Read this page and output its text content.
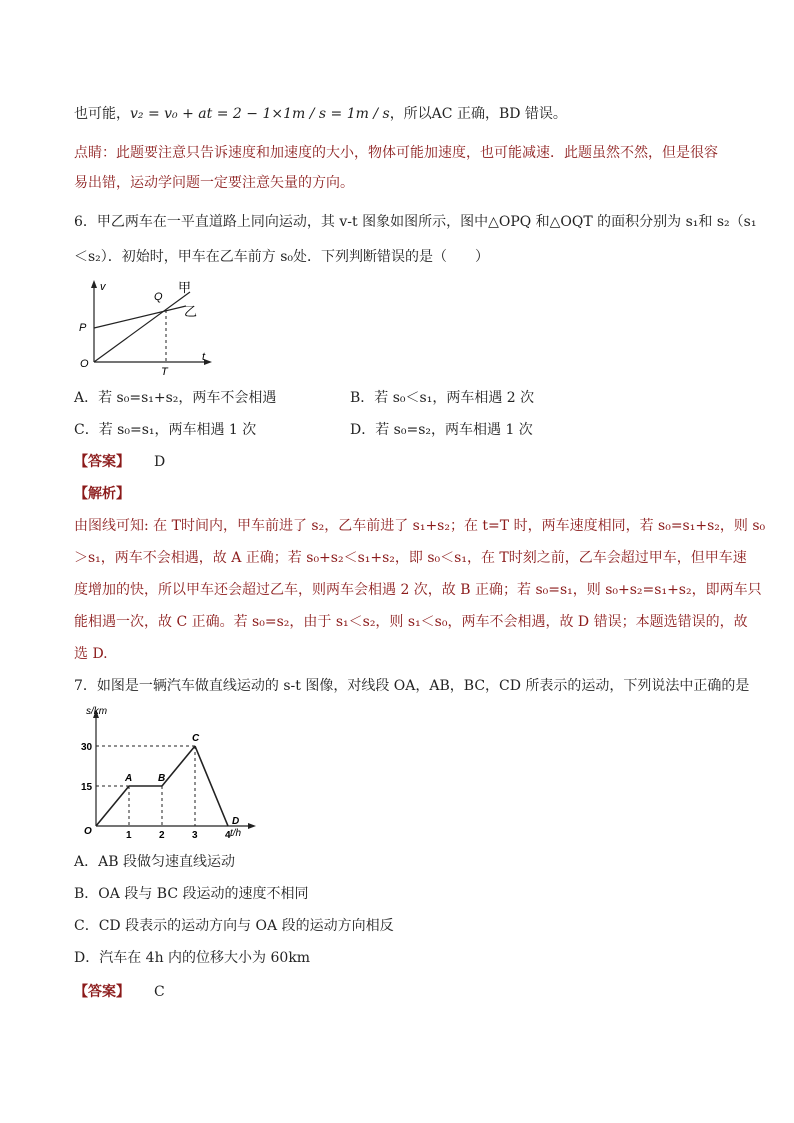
也可能，v₂ = v₀ + at = 2 − 1×1m / s = 1m / s，所以AC 正确，BD 错误。
点睛：此题要注意只告诉速度和加速度的大小，物体可能加速度，也可能减速．此题虽然不然，但是很容
易出错，运动学问题一定要注意矢量的方向。
6．甲乙两车在一平直道路上同向运动，其 v-t 图象如图所示，图中△OPQ 和△OQT 的面积分别为 s₁和 s₂（s₁
＜s₂）．初始时，甲车在乙车前方 s₀处．下列判断错误的是（　　）
v
t
O
P
Q
T
甲
乙
A．若 s₀=s₁+s₂，两车不会相遇	B．若 s₀＜s₁，两车相遇 2 次
C．若 s₀=s₁，两车相遇 1 次	D．若 s₀=s₂，两车相遇 1 次
【答案】 D
【解析】
由图线可知: 在 T时间内，甲车前进了 s₂，乙车前进了 s₁+s₂；在 t=T 时，两车速度相同，若 s₀=s₁+s₂，则 s₀
＞s₁，两车不会相遇，故 A 正确；若 s₀+s₂＜s₁+s₂，即 s₀＜s₁，在 T时刻之前，乙车会超过甲车，但甲车速
度增加的快，所以甲车还会超过乙车，则两车会相遇 2 次，故 B 正确；若 s₀=s₁，则 s₀+s₂=s₁+s₂，即两车只
能相遇一次，故 C 正确。若 s₀=s₂，由于 s₁＜s₂，则 s₁＜s₀，两车不会相遇，故 D 错误；本题选错误的，故
选 D.
7．如图是一辆汽车做直线运动的 s-t 图像，对线段 OA，AB，BC，CD 所表示的运动，下列说法中正确的是
O
A	B
C
D
30
15
1	2	3	4
s/km
t/h
A．AB 段做匀速直线运动
B．OA 段与 BC 段运动的速度不相同
C．CD 段表示的运动方向与 OA 段的运动方向相反
D．汽车在 4h 内的位移大小为 60km
【答案】 C
